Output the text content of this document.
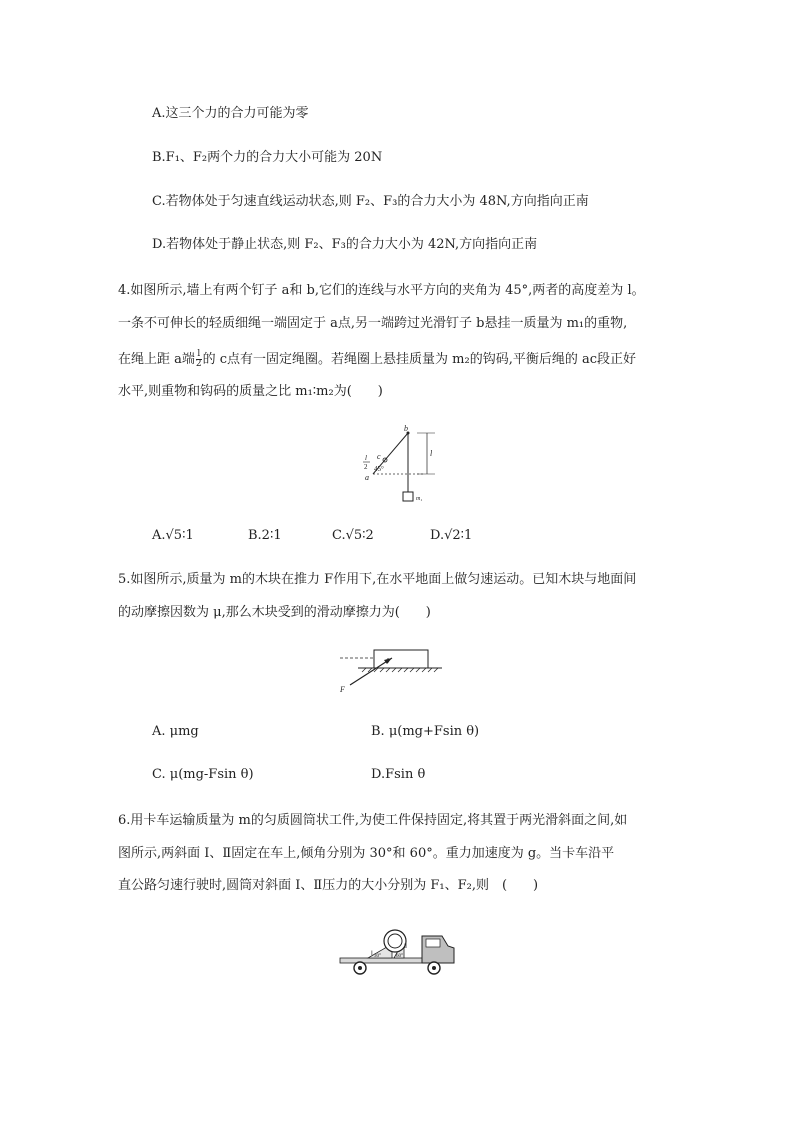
A.这三个力的合力可能为零
B.F₁、F₂两个力的合力大小可能为 20N
C.若物体处于匀速直线运动状态,则 F₂、F₃的合力大小为 48N,方向指向正南
D.若物体处于静止状态,则 F₂、F₃的合力大小为 42N,方向指向正南
4.如图所示,墙上有两个钉子 a和 b,它们的连线与水平方向的夹角为 45°,两者的高度差为 l。
一条不可伸长的轻质细绳一端固定于 a点,另一端跨过光滑钉子 b悬挂一质量为 m₁的重物,
在绳上距 a端 $\frac{l}{2}$ 的 c点有一固定绳圈。若绳圈上悬挂质量为 m₂的钩码,平衡后绳的 ac段正好
水平,则重物和钩码的质量之比 m₁∶m₂为(　　)
b
c
a
l
2 45°
l
m₁
A.√5∶1	B.2∶1	C.√5∶2	D.√2∶1
5.如图所示,质量为 m的木块在推力 F作用下,在水平地面上做匀速运动。已知木块与地面间
的动摩擦因数为 μ,那么木块受到的滑动摩擦力为(　　)
θ
F
A. μmg	B. μ(mg+Fsin θ)
C. μ(mg-Fsin θ)	D.Fsin θ
6.用卡车运输质量为 m的匀质圆筒状工件,为使工件保持固定,将其置于两光滑斜面之间,如
图所示,两斜面 Ⅰ、Ⅱ固定在车上,倾角分别为 30°和 60°。重力加速度为 g。当卡车沿平
直公路匀速行驶时,圆筒对斜面 Ⅰ、Ⅱ压力的大小分别为 F₁、F₂,则　(　　)
Ⅰ
Ⅱ
30°	60°
